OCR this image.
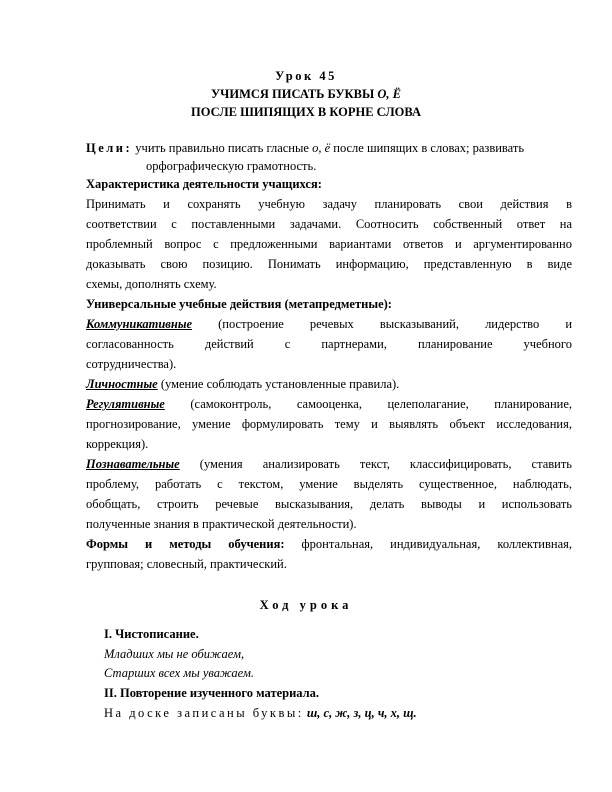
Урок 45
УЧИМСЯ ПИСАТЬ БУКВЫ О, Ё
ПОСЛЕ ШИПЯЩИХ В КОРНЕ СЛОВА
Цели: учить правильно писать гласные о, ё после шипящих в словах; развивать
орфографическую грамотность.
Характеристика деятельности учащихся:
Принимать и сохранять учебную задачу планировать свои действия в
соответствии с поставленными задачами. Соотносить собственный ответ на
проблемный вопрос с предложенными вариантами ответов и аргументированно
доказывать свою позицию. Понимать информацию, представленную в виде
схемы, дополнять схему.
Универсальные учебные действия (метапредметные):
Коммуникативные (построение речевых высказываний, лидерство и
согласованность действий с партнерами, планирование учебного
сотрудничества).
Личностные (умение соблюдать установленные правила).
Регулятивные (самоконтроль, самооценка, целеполагание, планирование,
прогнозирование, умение формулировать тему и выявлять объект исследования,
коррекция).
Познавательные (умения анализировать текст, классифицировать, ставить
проблему, работать с текстом, умение выделять существенное, наблюдать,
обобщать, строить речевые высказывания, делать выводы и использовать
полученные знания в практической деятельности).
Формы и методы обучения: фронтальная, индивидуальная, коллективная,
групповая; словесный, практический.
Ход урока
I. Чистописание.
Младших мы не обижаем,
Старших всех мы уважаем.
II. Повторение изученного материала.
На доске записаны буквы: ш, с, ж, з, ц, ч, х, щ.
